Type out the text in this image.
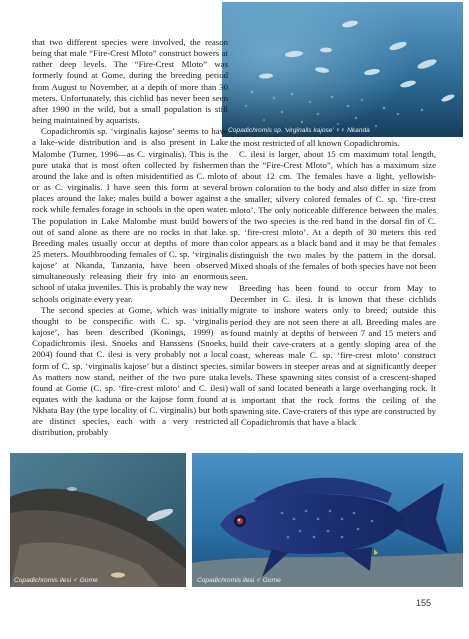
Copadichromis sp. ‘virginalis kajose’ ♀♀ Nkanda

that two different species were involved, the reason being that male “Fire-Crest Mloto” construct bowers at rather deep levels. The “Fire-Crest Mloto” was formerly found at Gome, during the breeding period from August to November, at a depth of more than 30 meters. Unfortunately, this cichlid has never been seen after 1990 in the wild, but a small population is still being maintained by aquarists.

Copadichromis sp. ‘virginalis kajose’ seems to have a lake-wide distribution and is also present in Lake Malombe (Turner, 1996—as C. virginalis). This is the pure utaka that is most often collected by fishermen around the lake and is often misidentified as C. mloto or as C. virginalis. I have seen this form at several places around the lake; males build a bower against a rock while females forage in schools in the open water. The population in Lake Malombe must build bowers out of sand alone as there are no rocks in that lake. Breeding males usually occur at depths of more than 25 meters. Mouthbrooding females of C. sp. ‘virginalis kajose’ at Nkanda, Tanzania, have been observed simultaneously releasing their fry into an enormous school of utaka juveniles. This is probably the way new schools originate every year.

The second species at Gome, which was initially thought to be conspecific with C. sp. ‘virginalis kajose’, has been described (Konings, 1999) as Copadichromis ilesi. Snoeks and Hanssens (Snoeks, 2004) found that C. ilesi is very probably not a local form of C. sp. ‘virginalis kajose’ but a distinct species. As matters now stand, neither of the two pure utaka found at Gome (C. sp. ‘fire-crest mloto’ and C. ilesi) equates with the kaduna or the kajose form found at Nkhata Bay (the type locality of C. virginalis) but both are distinct species, each with a very restricted distribution, probably

the most restricted of all known Copadichromis.

C. ilesi is larger, about 15 cm maximum total length, than the “Fire-Crest Mloto”, which has a maximum size of about 12 cm. The females have a light, yellowish-brown coloration to the body and also differ in size from the smaller, silvery colored females of C. sp. ‘fire-crest mloto’. The only noticeable difference between the males of the two species is the red band in the dorsal fin of C. sp. ‘fire-crest mloto’. At a depth of 30 meters this red color appears as a black band and it may be that females distinguish the two males by the pattern in the dorsal. Mixed shoals of the females of both species have not been seen.

Breeding has been found to occur from May to December in C. ilesi. It is known that these cichlids migrate to inshore waters only to breed; outside this period they are not seen there at all. Breeding males are found mainly at depths of between 7 and 15 meters and build their cave-craters at a gently sloping area of the coast, whereas male C. sp. ‘fire-crest mloto’ construct similar bowers in steeper areas and at significantly deeper levels. These spawning sites consist of a crescent-shaped wall of sand located beneath a large overhanging rock. It is important that the rock forms the ceiling of the spawning site. Cave-craters of this type are constructed by all Copadichromis that have a black

Copadichromis ilesi ♂ Gome	Copadichromis ilesi ♂ Gome
155
